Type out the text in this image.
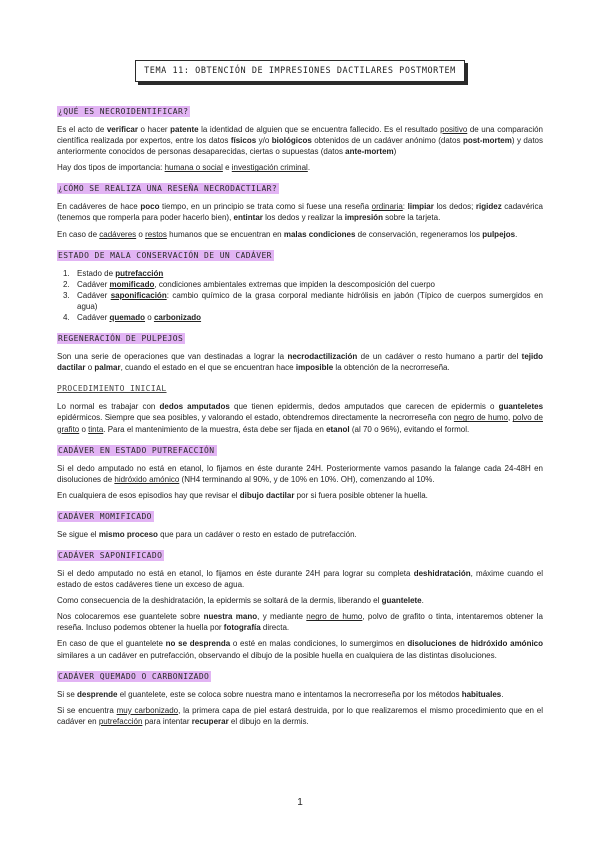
TEMA 11: OBTENCIÓN DE IMPRESIONES DACTILARES POSTMORTEM
¿QUÉ ES NECROIDENTIFICAR?
Es el acto de verificar o hacer patente la identidad de alguien que se encuentra fallecido. Es el resultado positivo de una comparación científica realizada por expertos, entre los datos físicos y/o biológicos obtenidos de un cadáver anónimo (datos post-mortem) y datos anteriormente conocidos de personas desaparecidas, ciertas o supuestas (datos ante-mortem)
Hay dos tipos de importancia: humana o social e investigación criminal.
¿CÓMO SE REALIZA UNA RESEÑA NECRODACTILAR?
En cadáveres de hace poco tiempo, en un principio se trata como si fuese una reseña ordinaria: limpiar los dedos; rigidez cadavérica (tenemos que romperla para poder hacerlo bien), entintar los dedos y realizar la impresión sobre la tarjeta.
En caso de cadáveres o restos humanos que se encuentran en malas condiciones de conservación, regeneramos los pulpejos.
ESTADO DE MALA CONSERVACIÓN DE UN CADÁVER
1. Estado de putrefacción
2. Cadáver momificado, condiciones ambientales extremas que impiden la descomposición del cuerpo
3. Cadáver saponificación: cambio químico de la grasa corporal mediante hidrólisis en jabón (Típico de cuerpos sumergidos en agua)
4. Cadáver quemado o carbonizado
REGENERACIÓN DE PULPEJOS
Son una serie de operaciones que van destinadas a lograr la necrodactilización de un cadáver o resto humano a partir del tejido dactilar o palmar, cuando el estado en el que se encuentran hace imposible la obtención de la necrorreseña.
PROCEDIMIENTO INICIAL
Lo normal es trabajar con dedos amputados que tienen epidermis, dedos amputados que carecen de epidermis o guanteletes epidérmicos. Siempre que sea posibles, y valorando el estado, obtendremos directamente la necrorreseña con negro de humo, polvo de grafito o tinta. Para el mantenimiento de la muestra, ésta debe ser fijada en etanol (al 70 o 96%), evitando el formol.
CADÁVER EN ESTADO PUTREFACCIÓN
Si el dedo amputado no está en etanol, lo fijamos en éste durante 24H. Posteriormente vamos pasando la falange cada 24-48H en disoluciones de hidróxido amónico (NH4 terminando al 90%, y de 10% en 10%. OH), comenzando al 10%.
En cualquiera de esos episodios hay que revisar el dibujo dactilar por si fuera posible obtener la huella.
CADÁVER MOMIFICADO
Se sigue el mismo proceso que para un cadáver o resto en estado de putrefacción.
CADÁVER SAPONIFICADO
Si el dedo amputado no está en etanol, lo fijamos en éste durante 24H para lograr su completa deshidratación, máxime cuando el estado de estos cadáveres tiene un exceso de agua.
Como consecuencia de la deshidratación, la epidermis se soltará de la dermis, liberando el guantelete.
Nos colocaremos ese guantelete sobre nuestra mano, y mediante negro de humo, polvo de grafito o tinta, intentaremos obtener la reseña. Incluso podemos obtener la huella por fotografía directa.
En caso de que el guantelete no se desprenda o esté en malas condiciones, lo sumergimos en disoluciones de hidróxido amónico similares a un cadáver en putrefacción, observando el dibujo de la posible huella en cualquiera de las distintas disoluciones.
CADÁVER QUEMADO O CARBONIZADO
Si se desprende el guantelete, este se coloca sobre nuestra mano e intentamos la necrorreseña por los métodos habituales.
Si se encuentra muy carbonizado, la primera capa de piel estará destruida, por lo que realizaremos el mismo procedimiento que en el cadáver en putrefacción para intentar recuperar el dibujo en la dermis.
1
